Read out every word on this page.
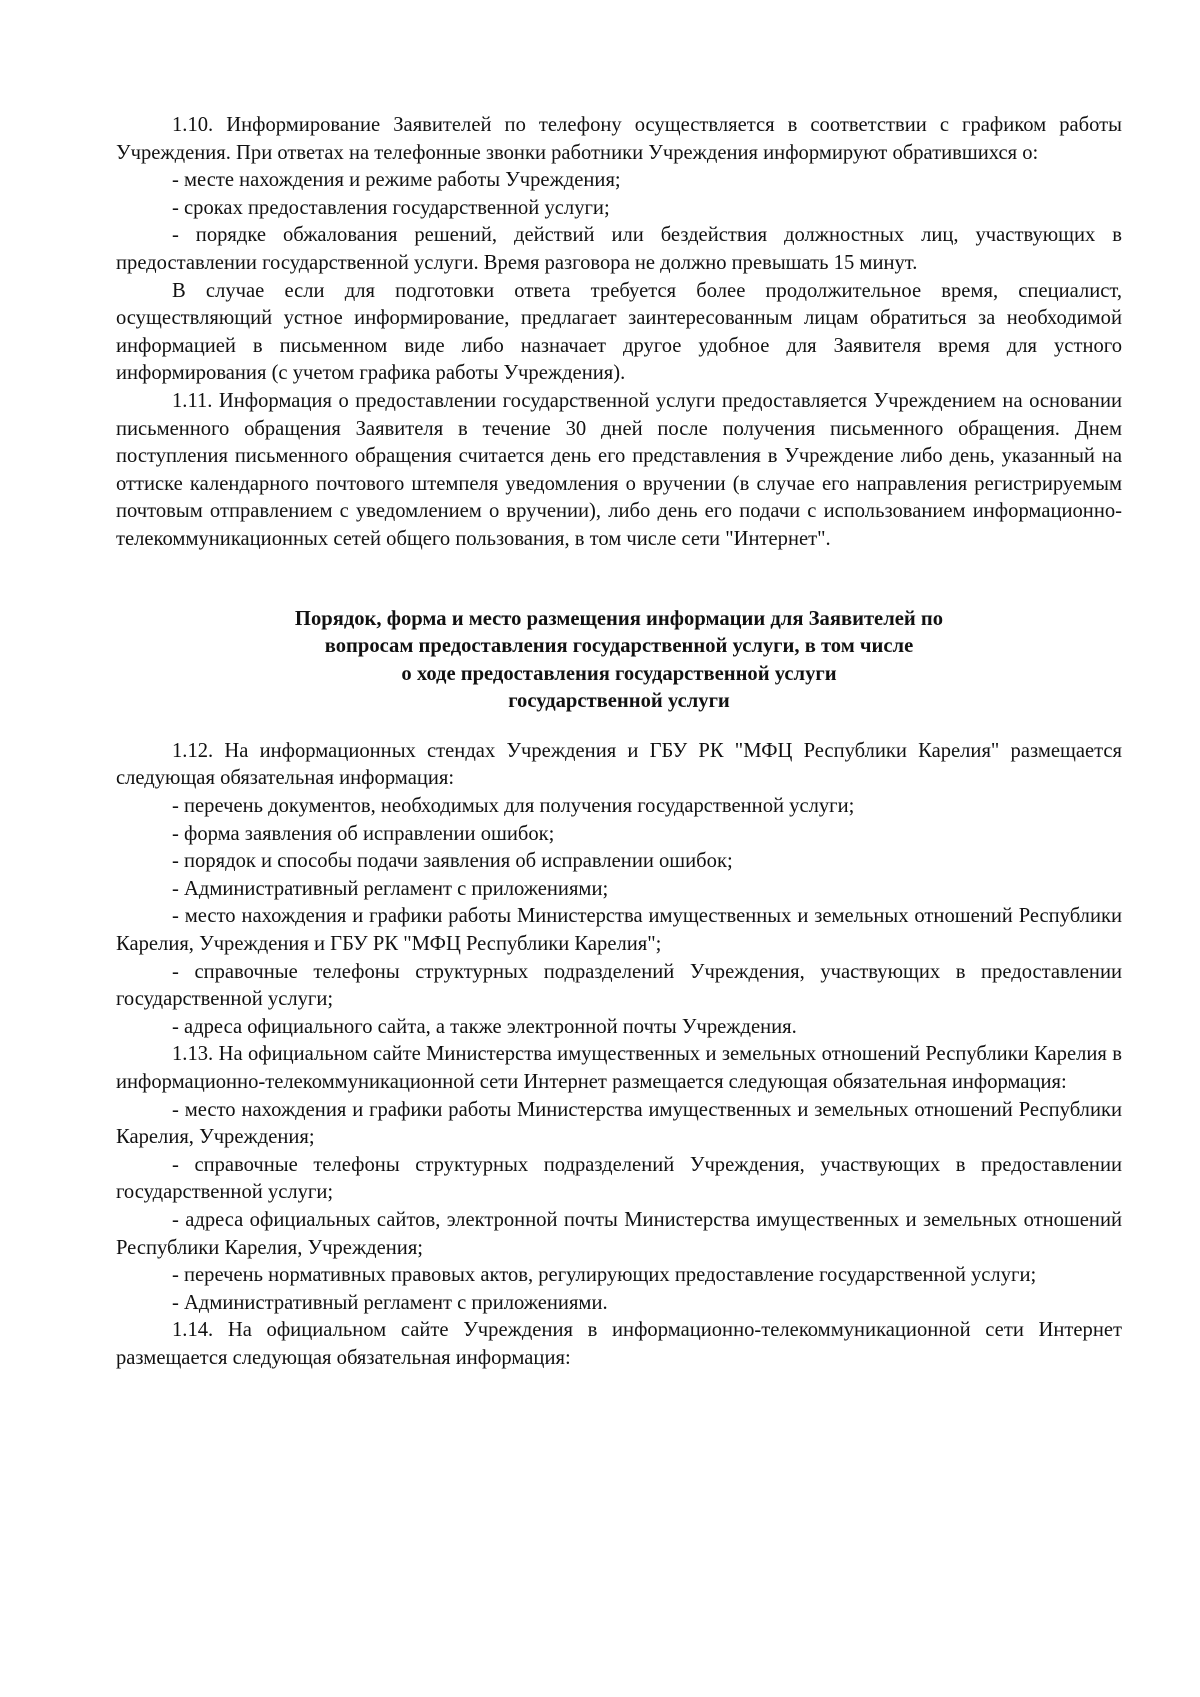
1.10. Информирование Заявителей по телефону осуществляется в соответствии с графиком работы Учреждения. При ответах на телефонные звонки работники Учреждения информируют обратившихся о:

- месте нахождения и режиме работы Учреждения;

- сроках предоставления государственной услуги;

- порядке обжалования решений, действий или бездействия должностных лиц, участвующих в предоставлении государственной услуги. Время разговора не должно превышать 15 минут.

В случае если для подготовки ответа требуется более продолжительное время, специалист, осуществляющий устное информирование, предлагает заинтересованным лицам обратиться за необходимой информацией в письменном виде либо назначает другое удобное для Заявителя время для устного информирования (с учетом графика работы Учреждения).

1.11. Информация о предоставлении государственной услуги предоставляется Учреждением на основании письменного обращения Заявителя в течение 30 дней после получения письменного обращения. Днем поступления письменного обращения считается день его представления в Учреждение либо день, указанный на оттиске календарного почтового штемпеля уведомления о вручении (в случае его направления регистрируемым почтовым отправлением с уведомлением о вручении), либо день его подачи с использованием информационно-телекоммуникационных сетей общего пользования, в том числе сети "Интернет".

Порядок, форма и место размещения информации для Заявителей по
вопросам предоставления государственной услуги, в том числе
о ходе предоставления государственной услуги
государственной услуги

1.12. На информационных стендах Учреждения и ГБУ РК "МФЦ Республики Карелия" размещается следующая обязательная информация:

- перечень документов, необходимых для получения государственной услуги;

- форма заявления об исправлении ошибок;

- порядок и способы подачи заявления об исправлении ошибок;

- Административный регламент с приложениями;

- место нахождения и графики работы Министерства имущественных и земельных отношений Республики Карелия, Учреждения и ГБУ РК "МФЦ Республики Карелия";

- справочные телефоны структурных подразделений Учреждения, участвующих в предоставлении государственной услуги;

- адреса официального сайта, а также электронной почты Учреждения.

1.13. На официальном сайте Министерства имущественных и земельных отношений Республики Карелия в информационно-телекоммуникационной сети Интернет размещается следующая обязательная информация:

- место нахождения и графики работы Министерства имущественных и земельных отношений Республики Карелия, Учреждения;

- справочные телефоны структурных подразделений Учреждения, участвующих в предоставлении государственной услуги;

- адреса официальных сайтов, электронной почты Министерства имущественных и земельных отношений Республики Карелия, Учреждения;

- перечень нормативных правовых актов, регулирующих предоставление государственной услуги;

- Административный регламент с приложениями.

1.14. На официальном сайте Учреждения в информационно-телекоммуникационной сети Интернет размещается следующая обязательная информация:
